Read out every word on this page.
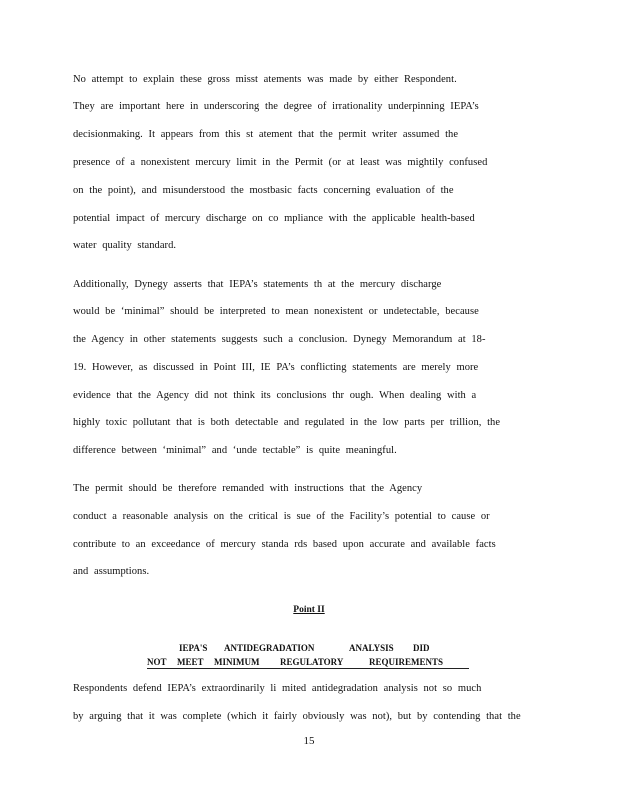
No attempt to explain these gross misst atements was made by either Respondent.
They are important here in underscoring the degree of irrationality underpinning IEPA’s
decisionmaking. It appears from this st atement that the permit writer assumed the
presence of a nonexistent mercury limit in the Permit (or at least was mightily confused
on the point), and misunderstood the mostbasic facts concerning evaluation of the
potential impact of mercury discharge on co mpliance with the applicable health-based
water quality standard.
Additionally, Dynegy asserts that IEPA’s statements th at the mercury discharge
would be ‘minimal” should be interpreted to mean nonexistent or undetectable, because
the Agency in other statements suggests such a conclusion. Dynegy Memorandum at 18-
19. However, as discussed in Point III, IE PA’s conflicting statements are merely more
evidence that the Agency did not think its conclusions thr ough. When dealing with a
highly toxic pollutant that is both detectable and regulated in the low parts per trillion, the
difference between ‘minimal” and ‘unde tectable” is quite meaningful.
The permit should be therefore remanded with instructions that the Agency
conduct a reasonable analysis on the critical is sue of the Facility’s potential to cause or
contribute to an exceedance of mercury standa rds based upon accurate and available facts
and assumptions.
Point II
IEPA'S ANTIDEGRADATION	ANALYSIS DID
NOT MEET MINIMUM REGULATORY	REQUIREMENTS
Respondents defend IEPA’s extraordinarily li mited antidegradation analysis not so much
by arguing that it was complete (which it fairly obviously was not), but by contending that the
15
